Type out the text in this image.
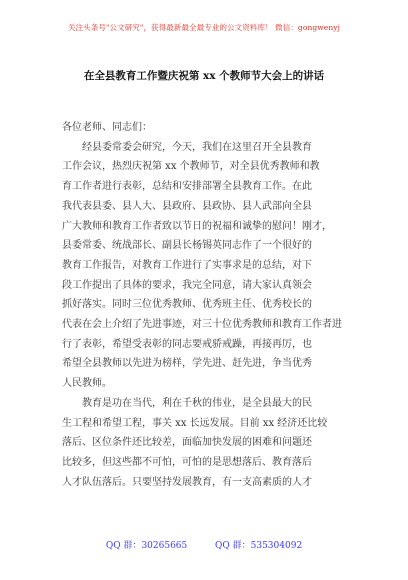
关注头条号"公文研究"，获得最新最全最专业的公文资料库！ 微信：gongwenyj
在全县教育工作暨庆祝第 xx 个教师节大会上的讲话
各位老师、同志们：
　　经县委常委会研究，今天，我们在这里召开全县教育
工作会议，热烈庆祝第 xx 个教师节，对全县优秀教师和教
育工作者进行表彰，总结和安排部署全县教育工作。在此
我代表县委、县人大、县政府、县政协、县人武部向全县
广大教师和教育工作者致以节日的祝福和诚挚的慰问！刚才，
县委常委、统战部长、副县长杨锡英同志作了一个很好的
教育工作报告，对教育工作进行了实事求是的总结，对下
段工作提出了具体的要求，我完全同意，请大家认真领会
抓好落实。同时三位优秀教师、优秀班主任、优秀校长的
代表在会上介绍了先进事迹，对三十位优秀教师和教育工作者进
行了表彰，希望受表彰的同志要戒骄戒躁，再接再厉，也
希望全县教师以先进为榜样，学先进、赶先进，争当优秀
人民教师。
　　教育是功在当代，利在千秋的伟业，是全县最大的民
生工程和希望工程，事关 xx 长远发展。目前 xx 经济还比较
落后、区位条件还比较差，面临加快发展的困难和问题还
比较多，但这些都不可怕，可怕的是思想落后、教育落后
人才队伍落后。只要坚持发展教育，有一支高素质的人才
QQ 群：30265665	QQ 群：535304092
